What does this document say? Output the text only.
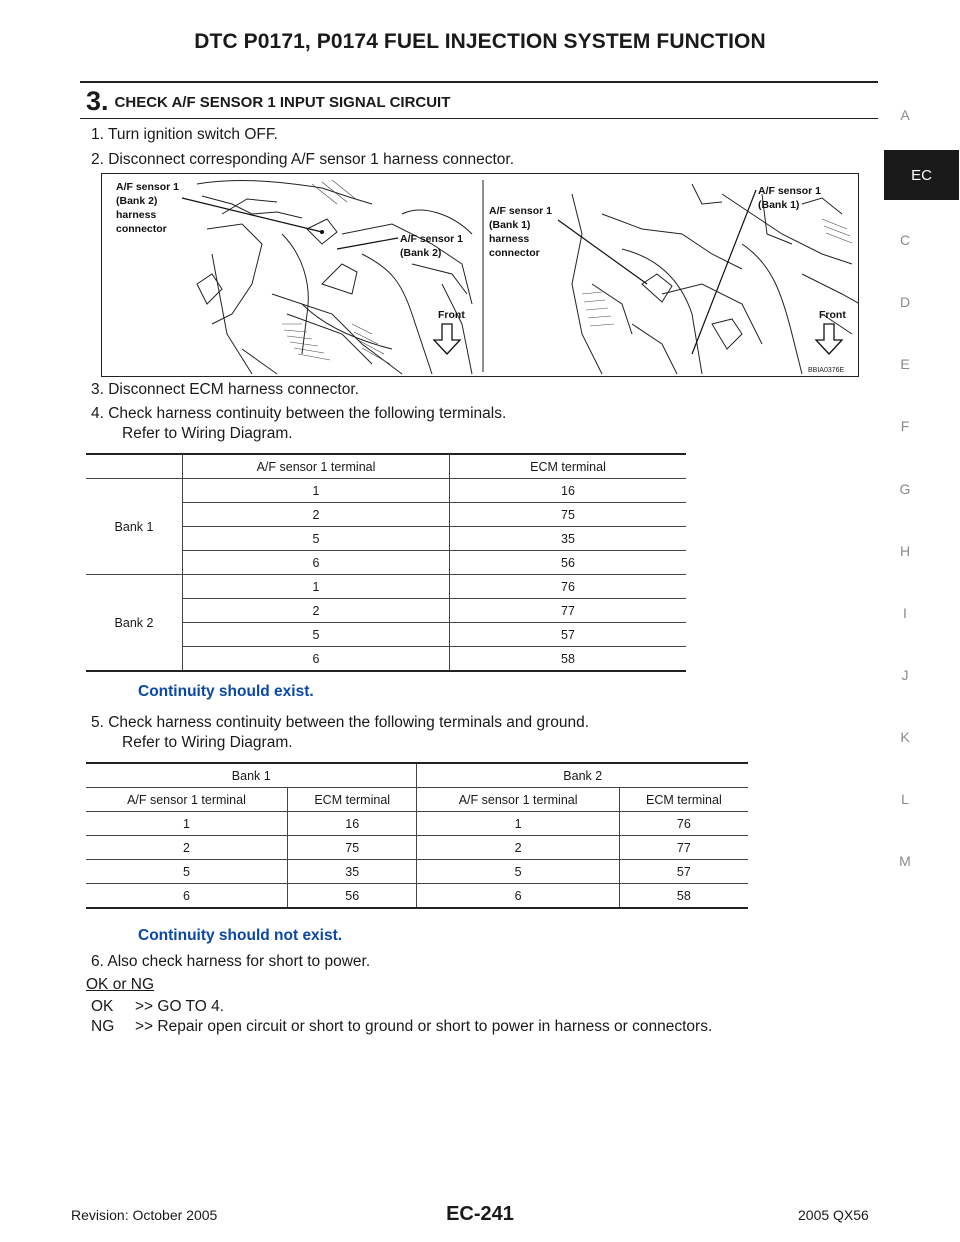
DTC P0171, P0174 FUEL INJECTION SYSTEM FUNCTION
3. CHECK A/F SENSOR 1 INPUT SIGNAL CIRCUIT
A
EC
C
D
E
F
G
H
I
J
K
L
M
1. Turn ignition switch OFF.
2. Disconnect corresponding A/F sensor 1 harness connector.
A/F sensor 1
(Bank 2)
harness
connector
A/F sensor 1
(Bank 2)
Front
A/F sensor 1
(Bank 1)
harness
connector
A/F sensor 1
(Bank 1)
Front
BBIA0376E
3. Disconnect ECM harness connector.
4. Check harness continuity between the following terminals.
Refer to Wiring Diagram.
	A/F sensor 1 terminal	ECM terminal
Bank 1	1	16
	2	75
	5	35
	6	56
Bank 2	1	76
	2	77
	5	57
	6	58
Continuity should exist.
5. Check harness continuity between the following terminals and ground.
Refer to Wiring Diagram.
Bank 1		Bank 2	
A/F sensor 1 terminal	ECM terminal	A/F sensor 1 terminal	ECM terminal
1	16	1	76
2	75	2	77
5	35	5	57
6	56	6	58
Continuity should not exist.
6. Also check harness for short to power.
OK or NG
OK >> GO TO 4.
NG >> Repair open circuit or short to ground or short to power in harness or connectors.
Revision: October 2005	EC-241	2005 QX56
